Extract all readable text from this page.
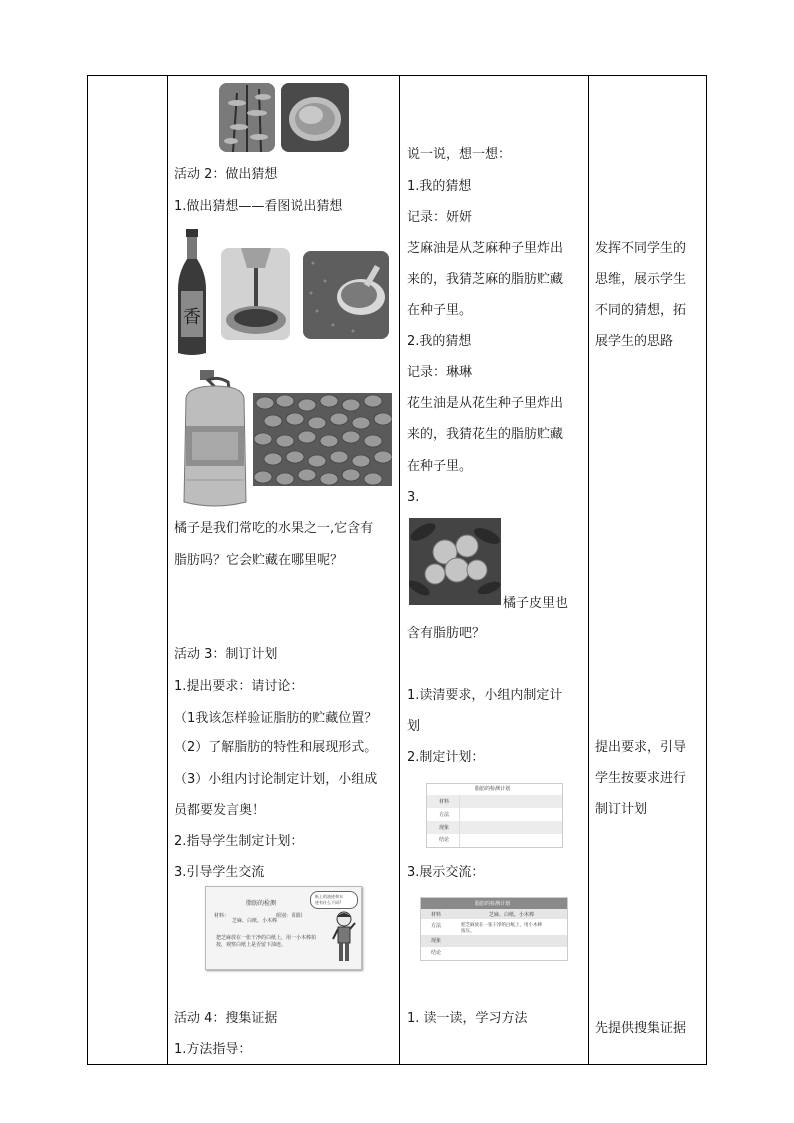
活动 2：做出猜想
1.做出猜想——看图说出猜想
香
橘子是我们常吃的水果之一,它含有
脂肪吗？它会贮藏在哪里呢？
活动 3：制订计划
1.提出要求：请讨论：
（1我该怎样验证脂肪的贮藏位置？
（2）了解脂肪的特性和展现形式。
（3）小组内讨论制定计划，小组成
员都要发言奥！
2.指导学生制定计划：
3.引导学生交流
脂肪的检测
材料：
芝麻、白纸、小木棒
组别： 阳阳
把芝麻放在一张干净的白纸上，用一小木棒拍
按，观察白纸上是否留下油迹。
纸上的油迹和水
迹有什么不同?
活动 4：搜集证据
1.方法指导：
说一说，想一想：
1.我的猜想
记录：妍妍
芝麻油是从芝麻种子里炸出
来的，我猜芝麻的脂肪贮藏
在种子里。
2.我的猜想
记录：琳琳
花生油是从花生种子里炸出
来的，我猜花生的脂肪贮藏
在种子里。
3.
橘子皮里也
含有脂肪吧？
1.读清要求，小组内制定计
划
2.制定计划：
脂肪的检测计划
材料
方法
现象
结论
3.展示交流：
脂肪的检测计划
材料	芝麻、白纸、小木棒
方法	把芝麻放在一张干净的白纸上，用小木棒
按压。
现象
结论
1. 读一读，学习方法
发挥不同学生的
思维，展示学生
不同的猜想，拓
展学生的思路
提出要求，引导
学生按要求进行
制订计划
先提供搜集证据
